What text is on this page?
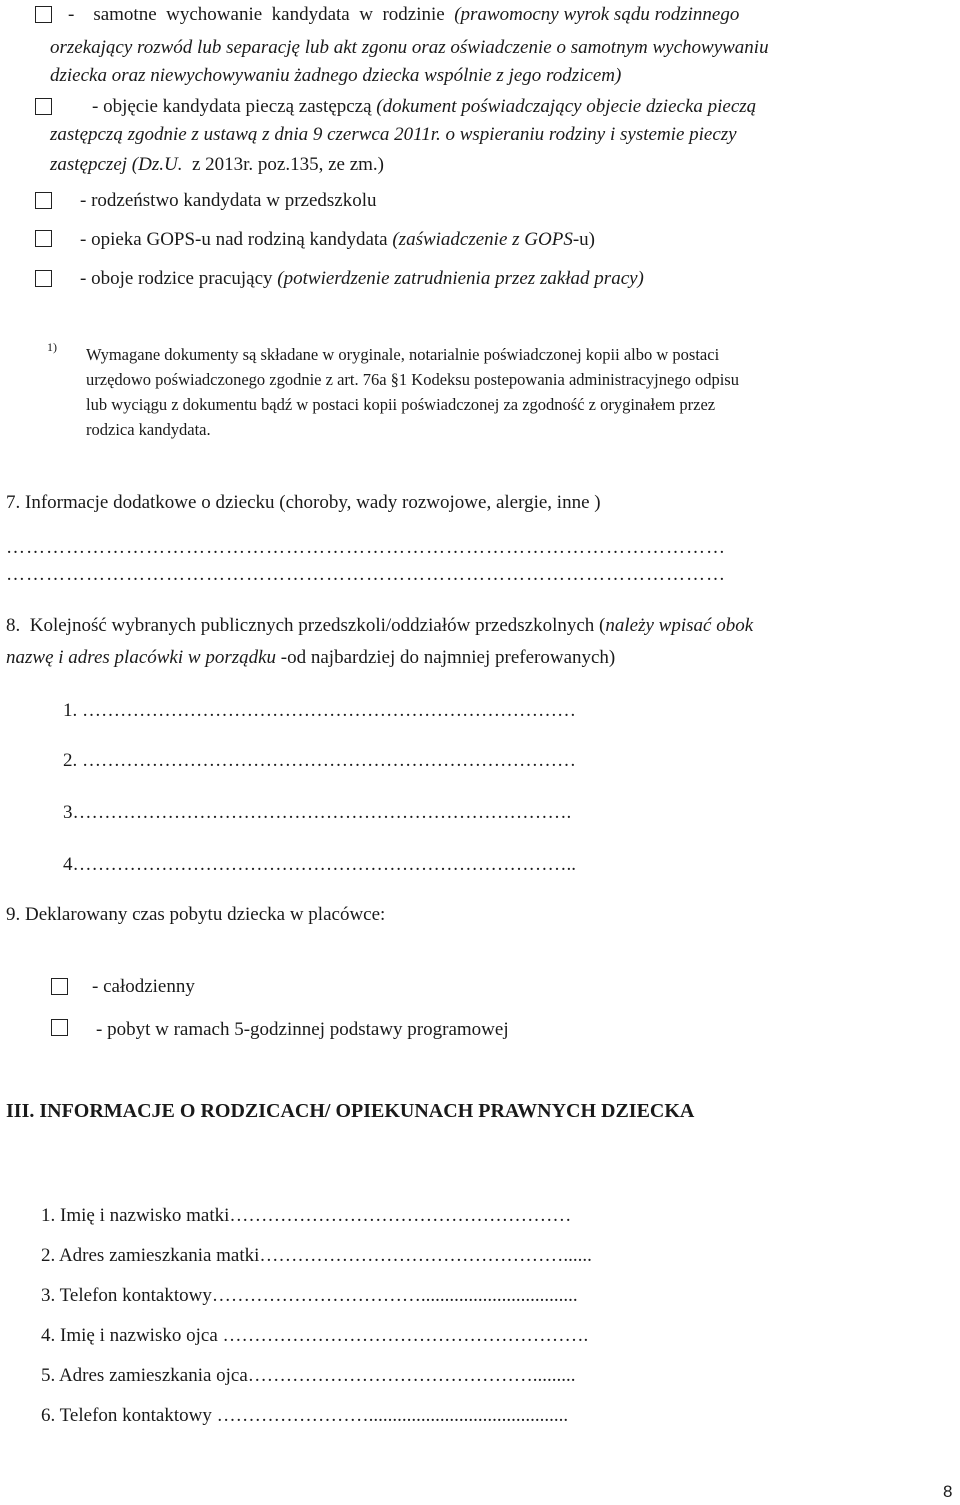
-    samotne  wychowanie  kandydata  w  rodzinie  (prawomocny wyrok sądu rodzinnego
orzekający rozwód lub separację lub akt zgonu oraz oświadczenie o samotnym wychowywaniu
dziecka oraz niewychowywaniu żadnego dziecka wspólnie z jego rodzicem)
- objęcie kandydata pieczą zastępczą (dokument poświadczający objecie dziecka pieczą
zastępczą zgodnie z ustawą z dnia 9 czerwca 2011r. o wspieraniu rodziny i systemie pieczy
zastępczej (Dz.U.  z 2013r. poz.135, ze zm.)
- rodzeństwo kandydata w przedszkolu
- opieka GOPS-u nad rodziną kandydata (zaświadczenie z GOPS-u)
- oboje rodzice pracujący (potwierdzenie zatrudnienia przez zakład pracy)
1) Wymagane dokumenty są składane w oryginale, notarialnie poświadczonej kopii albo w postaci
urzędowo poświadczonego zgodnie z art. 76a §1 Kodeksu postepowania administracyjnego odpisu
lub wyciągu z dokumentu bądź w postaci kopii poświadczonej za zgodność z oryginałem przez
rodzica kandydata.
7. Informacje dodatkowe o dziecku (choroby, wady rozwojowe, alergie, inne )
………………………………………………………………………………………………
………………………………………………………………………………………………
8.  Kolejność wybranych publicznych przedszkoli/oddziałów przedszkolnych (należy wpisać obok
nazwę i adres placówki w porządku -od najbardziej do najmniej preferowanych)
1. ……………………………………………………………………
2. ……………………………………………………………………
3…………………………………………………………………….
4……………………………………………………………………..
9. Deklarowany czas pobytu dziecka w placówce:
- całodzienny
- pobyt w ramach 5-godzinnej podstawy programowej
III. INFORMACJE O RODZICACH/ OPIEKUNACH PRAWNYCH DZIECKA
1. Imię i nazwisko matki………………………………………………
2. Adres zamieszkania matki…………………………………………......
3. Telefon kontaktowy…………………………….................................
4. Imię i nazwisko ojca ………………………………………………….
5. Adres zamieszkania ojca……………………………………….........
6. Telefon kontaktowy ……………………..........................................
8
